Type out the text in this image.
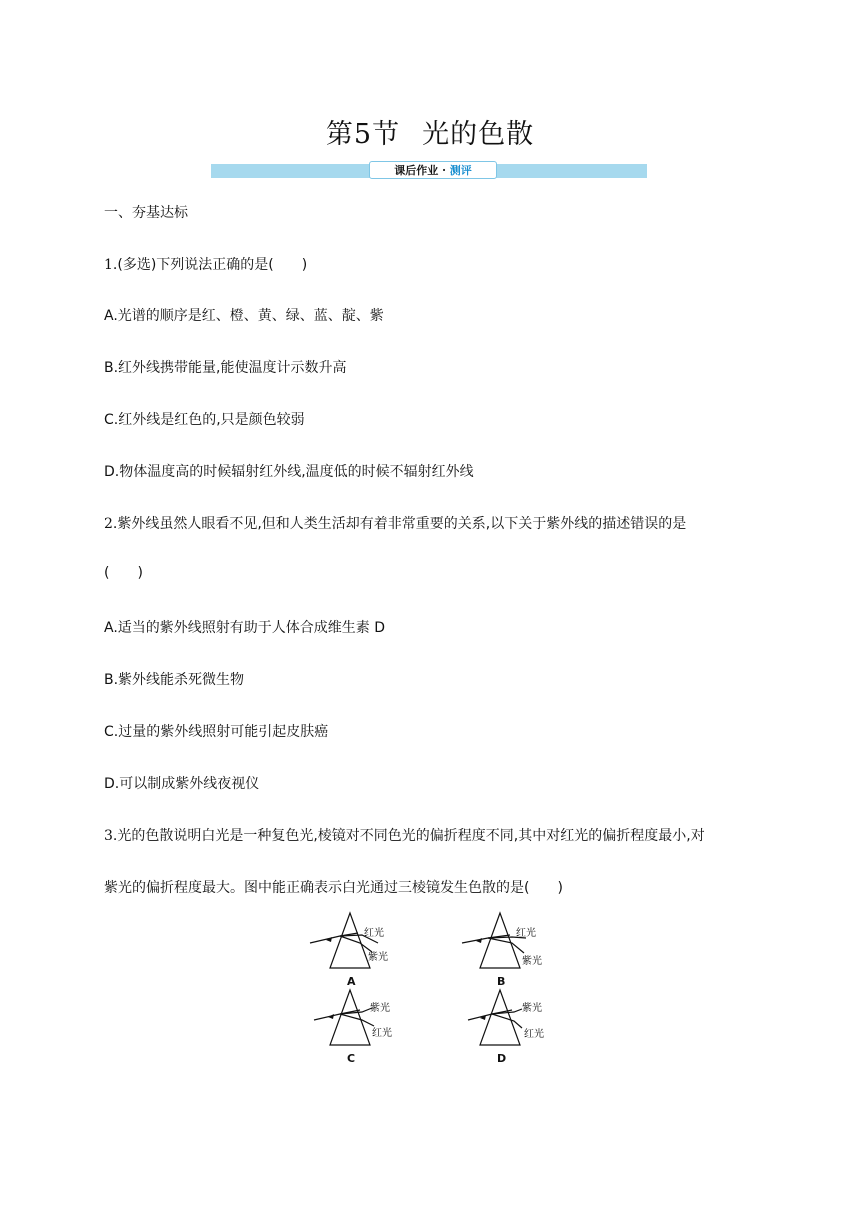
第5节 光的色散
课后作业 · 测评
一、夯基达标
1.(多选)下列说法正确的是(  )
A.光谱的顺序是红、橙、黄、绿、蓝、靛、紫
B.红外线携带能量,能使温度计示数升高
C.红外线是红色的,只是颜色较弱
D.物体温度高的时候辐射红外线,温度低的时候不辐射红外线
2.紫外线虽然人眼看不见,但和人类生活却有着非常重要的关系,以下关于紫外线的描述错误的是
(  )
A.适当的紫外线照射有助于人体合成维生素 D
B.紫外线能杀死微生物
C.过量的紫外线照射可能引起皮肤癌
D.可以制成紫外线夜视仪
3.光的色散说明白光是一种复色光,棱镜对不同色光的偏折程度不同,其中对红光的偏折程度最小,对
紫光的偏折程度最大。图中能正确表示白光通过三棱镜发生色散的是(  )
红光
紫光
红光
紫光
紫光
红光
紫光
红光
A	B
C	D
